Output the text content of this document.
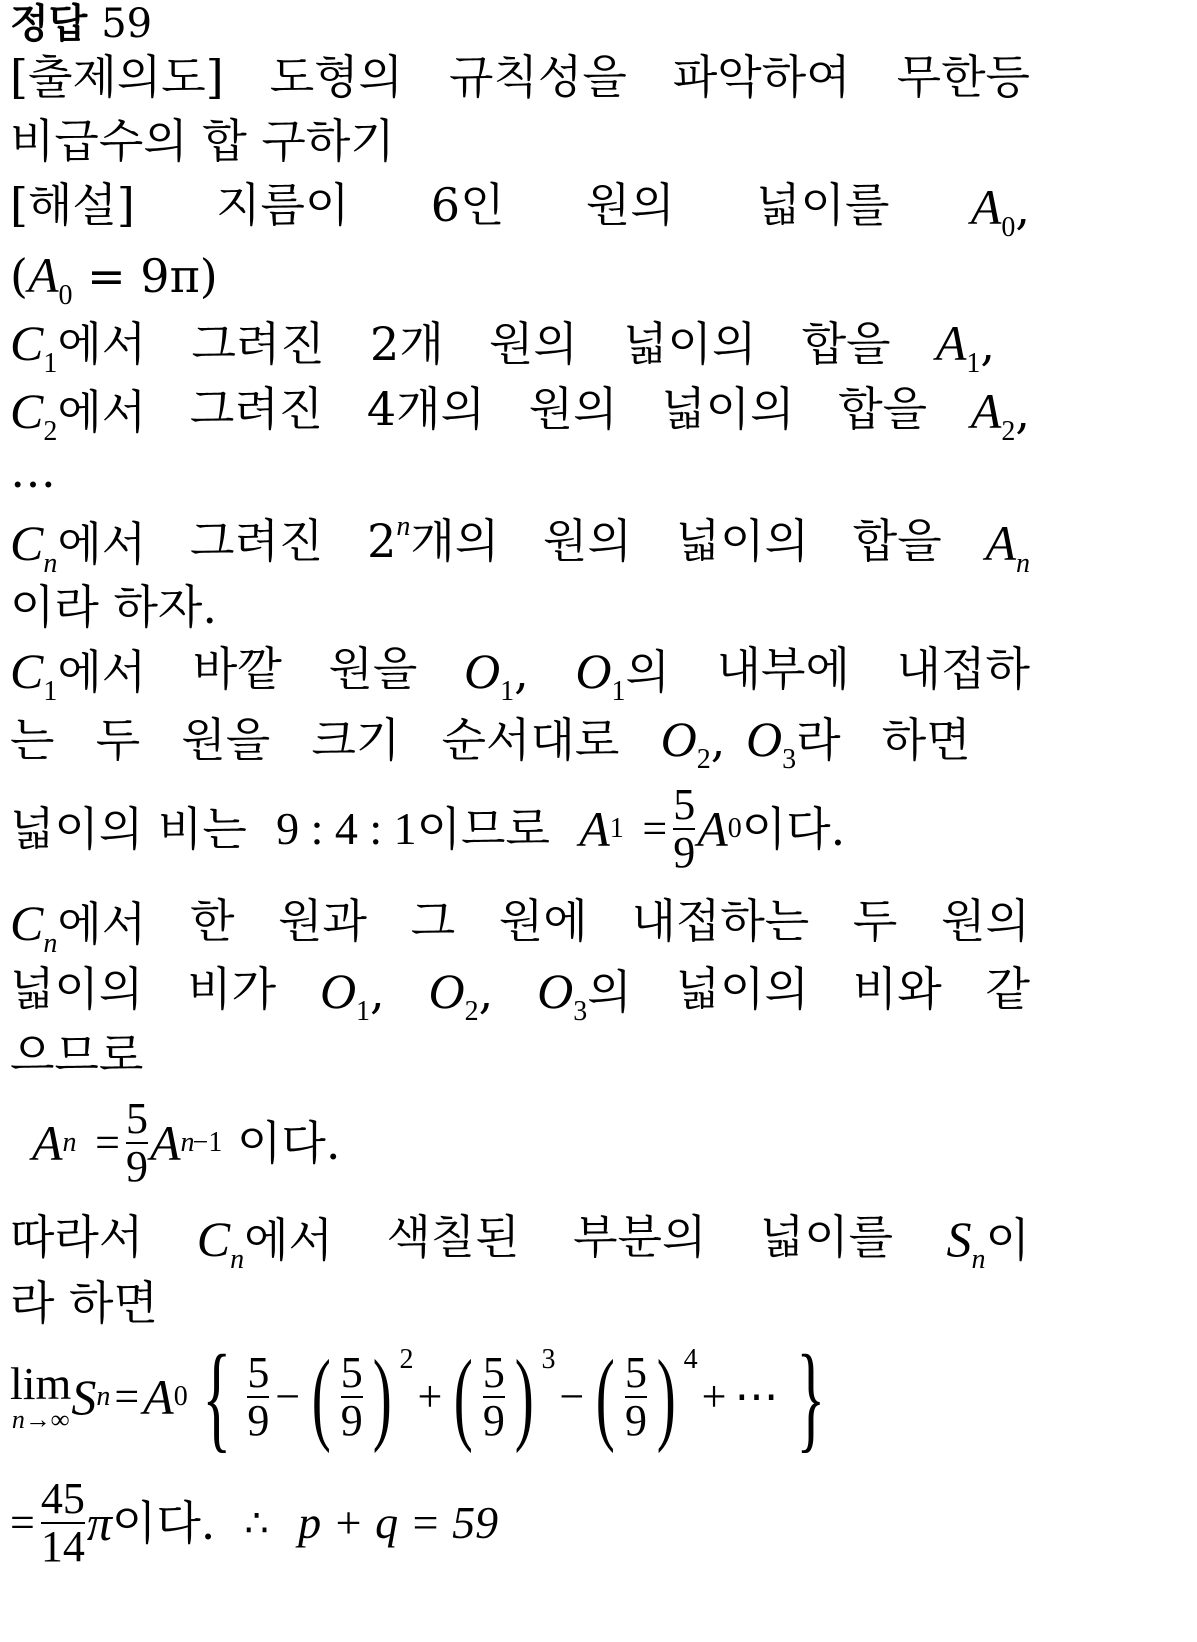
정답 59
[출제의도] 도형의 규칙성을 파악하여 무한등
비급수의 합 구하기
[해설] 지름이 6인 원의 넓이를 $A_0$,
$(A_0 = 9\pi)$
$C_1$에서 그려진 2개 원의 넓이의 합을 $A_1$,
$C_2$에서 그려진 4개의 원의 넓이의 합을 $A_2$,
…
$C_n$에서 그려진 2$^n$개의 원의 넓이의 합을 $A_n$
이라 하자.
$C_1$에서 바깥 원을 $O_1$, $O_1$의 내부에 내접하
는 두 원을 크기 순서대로 $O_2$, $O_3$라 하면
넓이의 비는
9 : 4 : 1 이므로
A 1
= $\frac{5}{9}$ A 0 이다.
$C_n$에서 한 원과 그 원에 내접하는 두 원의
넓이의 비가 $O_1$, $O_2$, $O_3$의 넓이의 비와 같
으므로
A n
= $\frac{5}{9}$ A n
−1
이다.
따라서 $C_n$에서 색칠된 부분의 넓이를 $S_n$이
라 하면
lim
n→∞ S n = A 0 { $\frac{5}{9}$ − ( $\frac{5}{9}$ ) 2
+ ( $\frac{5}{9}$ ) 3
− ( $\frac{5}{9}$ ) 4
+ ⋯ }
= $\frac{45}{14}$ π 이다.
∴
p + q = 59
